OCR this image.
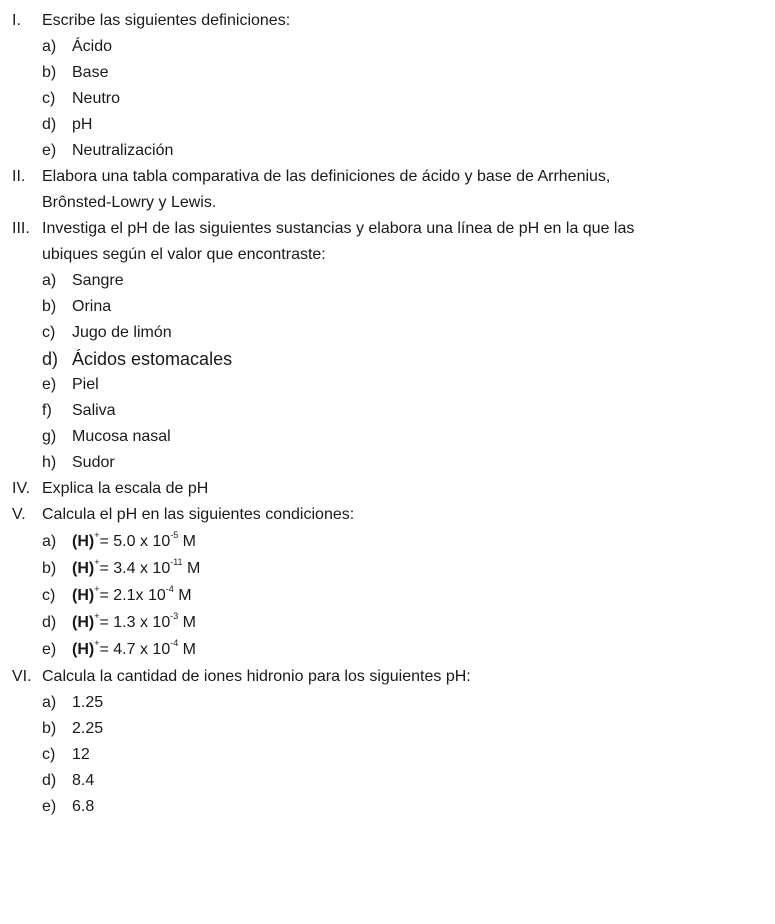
I. Escribe las siguientes definiciones:
a) Ácido
b) Base
c) Neutro
d) pH
e) Neutralización
II. Elabora una tabla comparativa de las definiciones de ácido y base de Arrhenius,
Brônsted-Lowry y Lewis.
III. Investiga el pH de las siguientes sustancias y elabora una línea de pH en la que las
ubiques según el valor que encontraste:
a) Sangre
b) Orina
c) Jugo de limón
d) Ácidos estomacales
e) Piel
f) Saliva
g) Mucosa nasal
h) Sudor
IV. Explica la escala de pH
V. Calcula el pH en las siguientes condiciones:
a) (H)+= 5.0 x $10^{-5}$ M
b) (H)+= 3.4 x $10^{-11}$ M
c) (H)+= 2.1x $10^{-4}$ M
d) (H)+= 1.3 x $10^{-3}$ M
e) (H)+= 4.7 x $10^{-4}$ M
VI. Calcula la cantidad de iones hidronio para los siguientes pH:
a) 1.25
b) 2.25
c) 12
d) 8.4
e) 6.8
